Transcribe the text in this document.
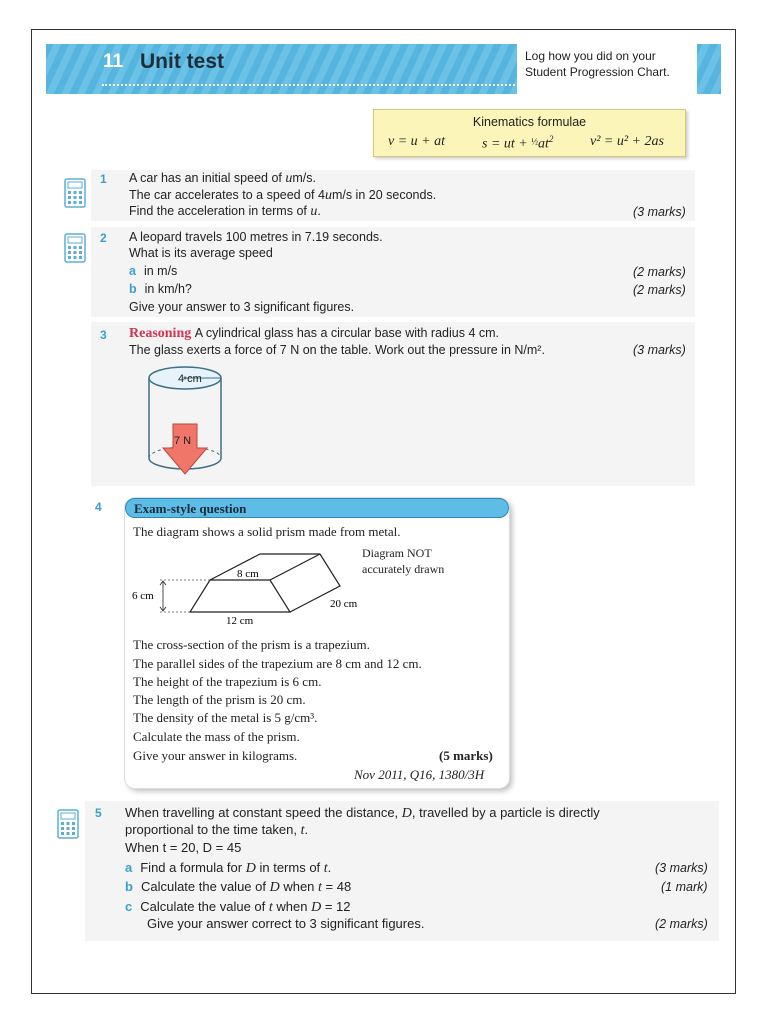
11 Unit test	Log how you did on your
Student Progression Chart.
Kinematics formulae
v = u + at	s = ut + $^{\frac{1}{2}}at^2$	v² = u² + 2as
1 A car has an initial speed of um/s.
The car accelerates to a speed of 4um/s in 20 seconds.
Find the acceleration in terms of u.	(3 marks)
2 A leopard travels 100 metres in 7.19 seconds.
What is its average speed
a in m/s	(2 marks)
b in km/h?	(2 marks)
Give your answer to 3 significant figures.
3 Reasoning A cylindrical glass has a circular base with radius 4 cm.
The glass exerts a force of 7 N on the table. Work out the pressure in N/m².	(3 marks)
4 cm
7 N
4 Exam-style question
The diagram shows a solid prism made from metal.
Diagram NOT
accurately drawn
8 cm
6 cm
20 cm
12 cm
The cross-section of the prism is a trapezium.
The parallel sides of the trapezium are 8 cm and 12 cm.
The height of the trapezium is 6 cm.
The length of the prism is 20 cm.
The density of the metal is 5 g/cm³.
Calculate the mass of the prism.
Give your answer in kilograms.	(5 marks)
Nov 2011, Q16, 1380/3H
5 When travelling at constant speed the distance, D, travelled by a particle is directly
proportional to the time taken, t.
When t = 20, D = 45
a Find a formula for D in terms of t.	(3 marks)
b Calculate the value of D when t = 48	(1 mark)
c Calculate the value of t when D = 12
Give your answer correct to 3 significant figures.	(2 marks)
